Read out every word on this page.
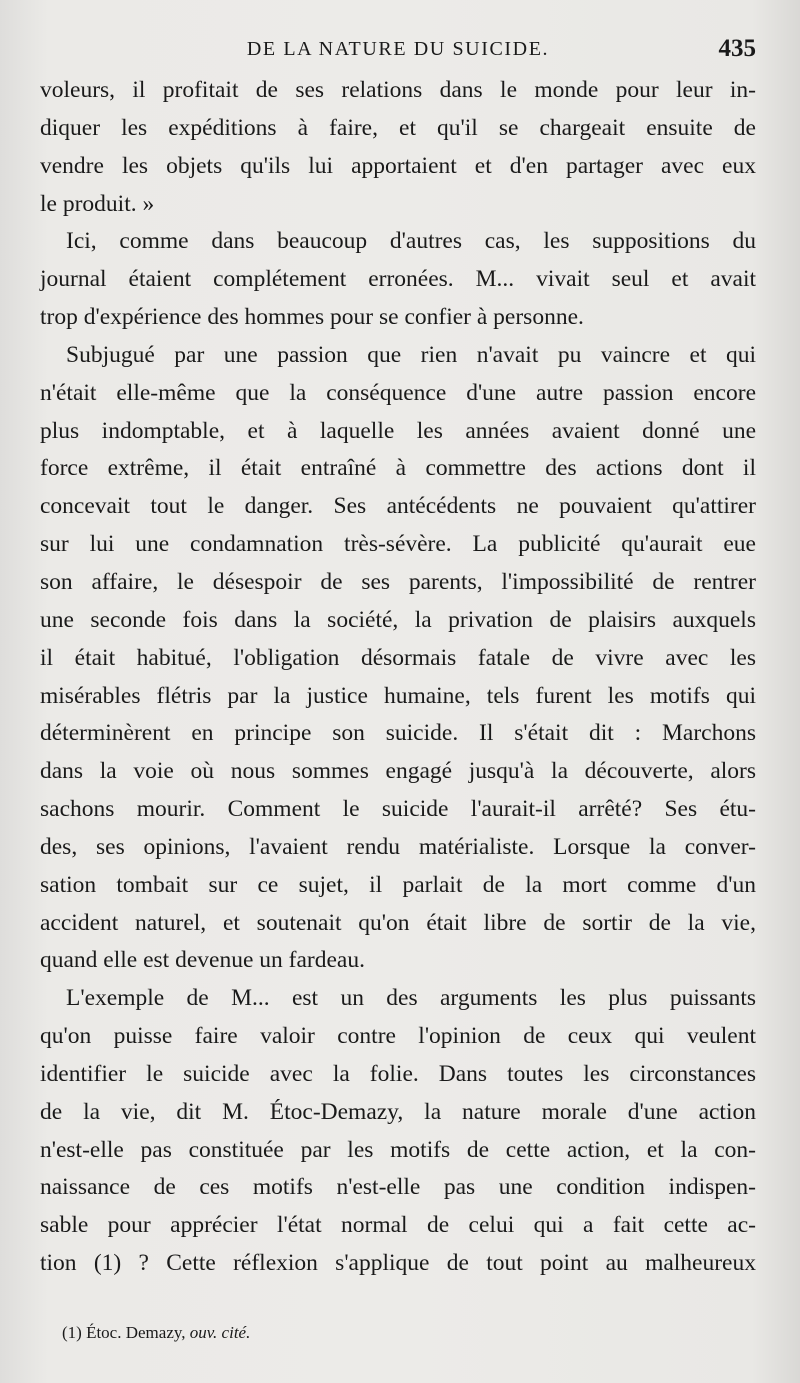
DE LA NATURE DU SUICIDE.	435
voleurs, il profitait de ses relations dans le monde pour leur in-
diquer les expéditions à faire, et qu'il se chargeait ensuite de
vendre les objets qu'ils lui apportaient et d'en partager avec eux
le produit. »
Ici, comme dans beaucoup d'autres cas, les suppositions du
journal étaient complétement erronées. M... vivait seul et avait
trop d'expérience des hommes pour se confier à personne.
Subjugué par une passion que rien n'avait pu vaincre et qui
n'était elle-même que la conséquence d'une autre passion encore
plus indomptable, et à laquelle les années avaient donné une
force extrême, il était entraîné à commettre des actions dont il
concevait tout le danger. Ses antécédents ne pouvaient qu'attirer
sur lui une condamnation très-sévère. La publicité qu'aurait eue
son affaire, le désespoir de ses parents, l'impossibilité de rentrer
une seconde fois dans la société, la privation de plaisirs auxquels
il était habitué, l'obligation désormais fatale de vivre avec les
misérables flétris par la justice humaine, tels furent les motifs qui
déterminèrent en principe son suicide. Il s'était dit : Marchons
dans la voie où nous sommes engagé jusqu'à la découverte, alors
sachons mourir. Comment le suicide l'aurait-il arrêté? Ses étu-
des, ses opinions, l'avaient rendu matérialiste. Lorsque la conver-
sation tombait sur ce sujet, il parlait de la mort comme d'un
accident naturel, et soutenait qu'on était libre de sortir de la vie,
quand elle est devenue un fardeau.
L'exemple de M... est un des arguments les plus puissants
qu'on puisse faire valoir contre l'opinion de ceux qui veulent
identifier le suicide avec la folie. Dans toutes les circonstances
de la vie, dit M. Étoc-Demazy, la nature morale d'une action
n'est-elle pas constituée par les motifs de cette action, et la con-
naissance de ces motifs n'est-elle pas une condition indispen-
sable pour apprécier l'état normal de celui qui a fait cette ac-
tion (1) ? Cette réflexion s'applique de tout point au malheureux
(1) Étoc. Demazy, ouv. cité.
